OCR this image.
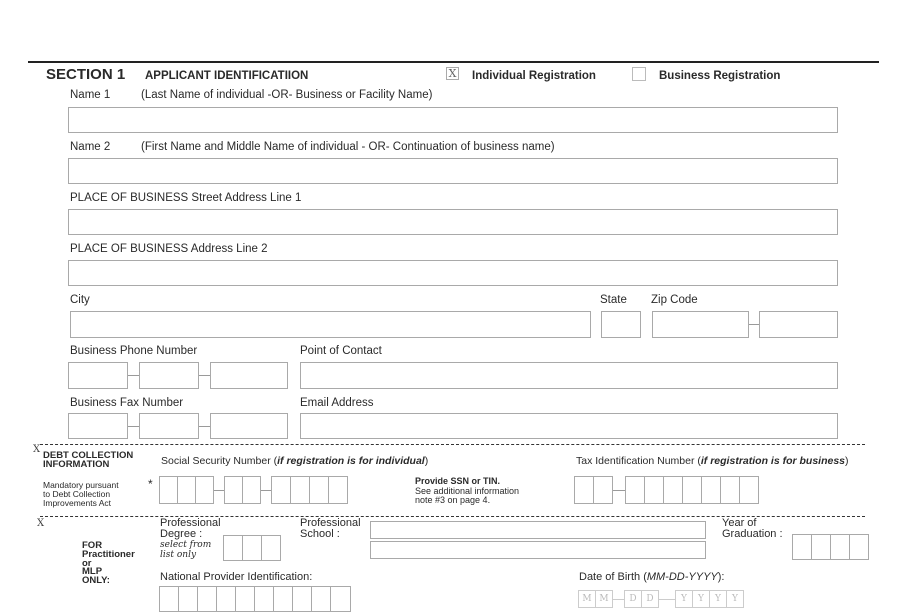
SECTION 1 APPLICANT IDENTIFICATIION	X Individual Registration	Business Registration
Name 1	(Last Name of individual -OR- Business or Facility Name)
Name 2	(First Name and Middle Name of individual - OR- Continuation of business name)
PLACE OF BUSINESS Street Address Line 1
PLACE OF BUSINESS Address Line 2
City	State Zip Code
Business Phone Number	Point of Contact
Business Fax Number	Email Address
X
DEBT COLLECTION
INFORMATION
Mandatory pursuant
to Debt Collection
Improvements Act
*
Social Security Number (if registration is for individual)
Provide SSN or TIN.
See additional information
note #3 on page 4.
Tax Identification Number (if registration is for business)
X
FOR
Practitioner
or
MLP
ONLY:
Professional
Degree :
select from
list only
Professional
School :
Year of
Graduation :
National Provider Identification:	Date of Birth (MM-DD-YYYY):
M M	D	D	Y	Y	Y	Y
